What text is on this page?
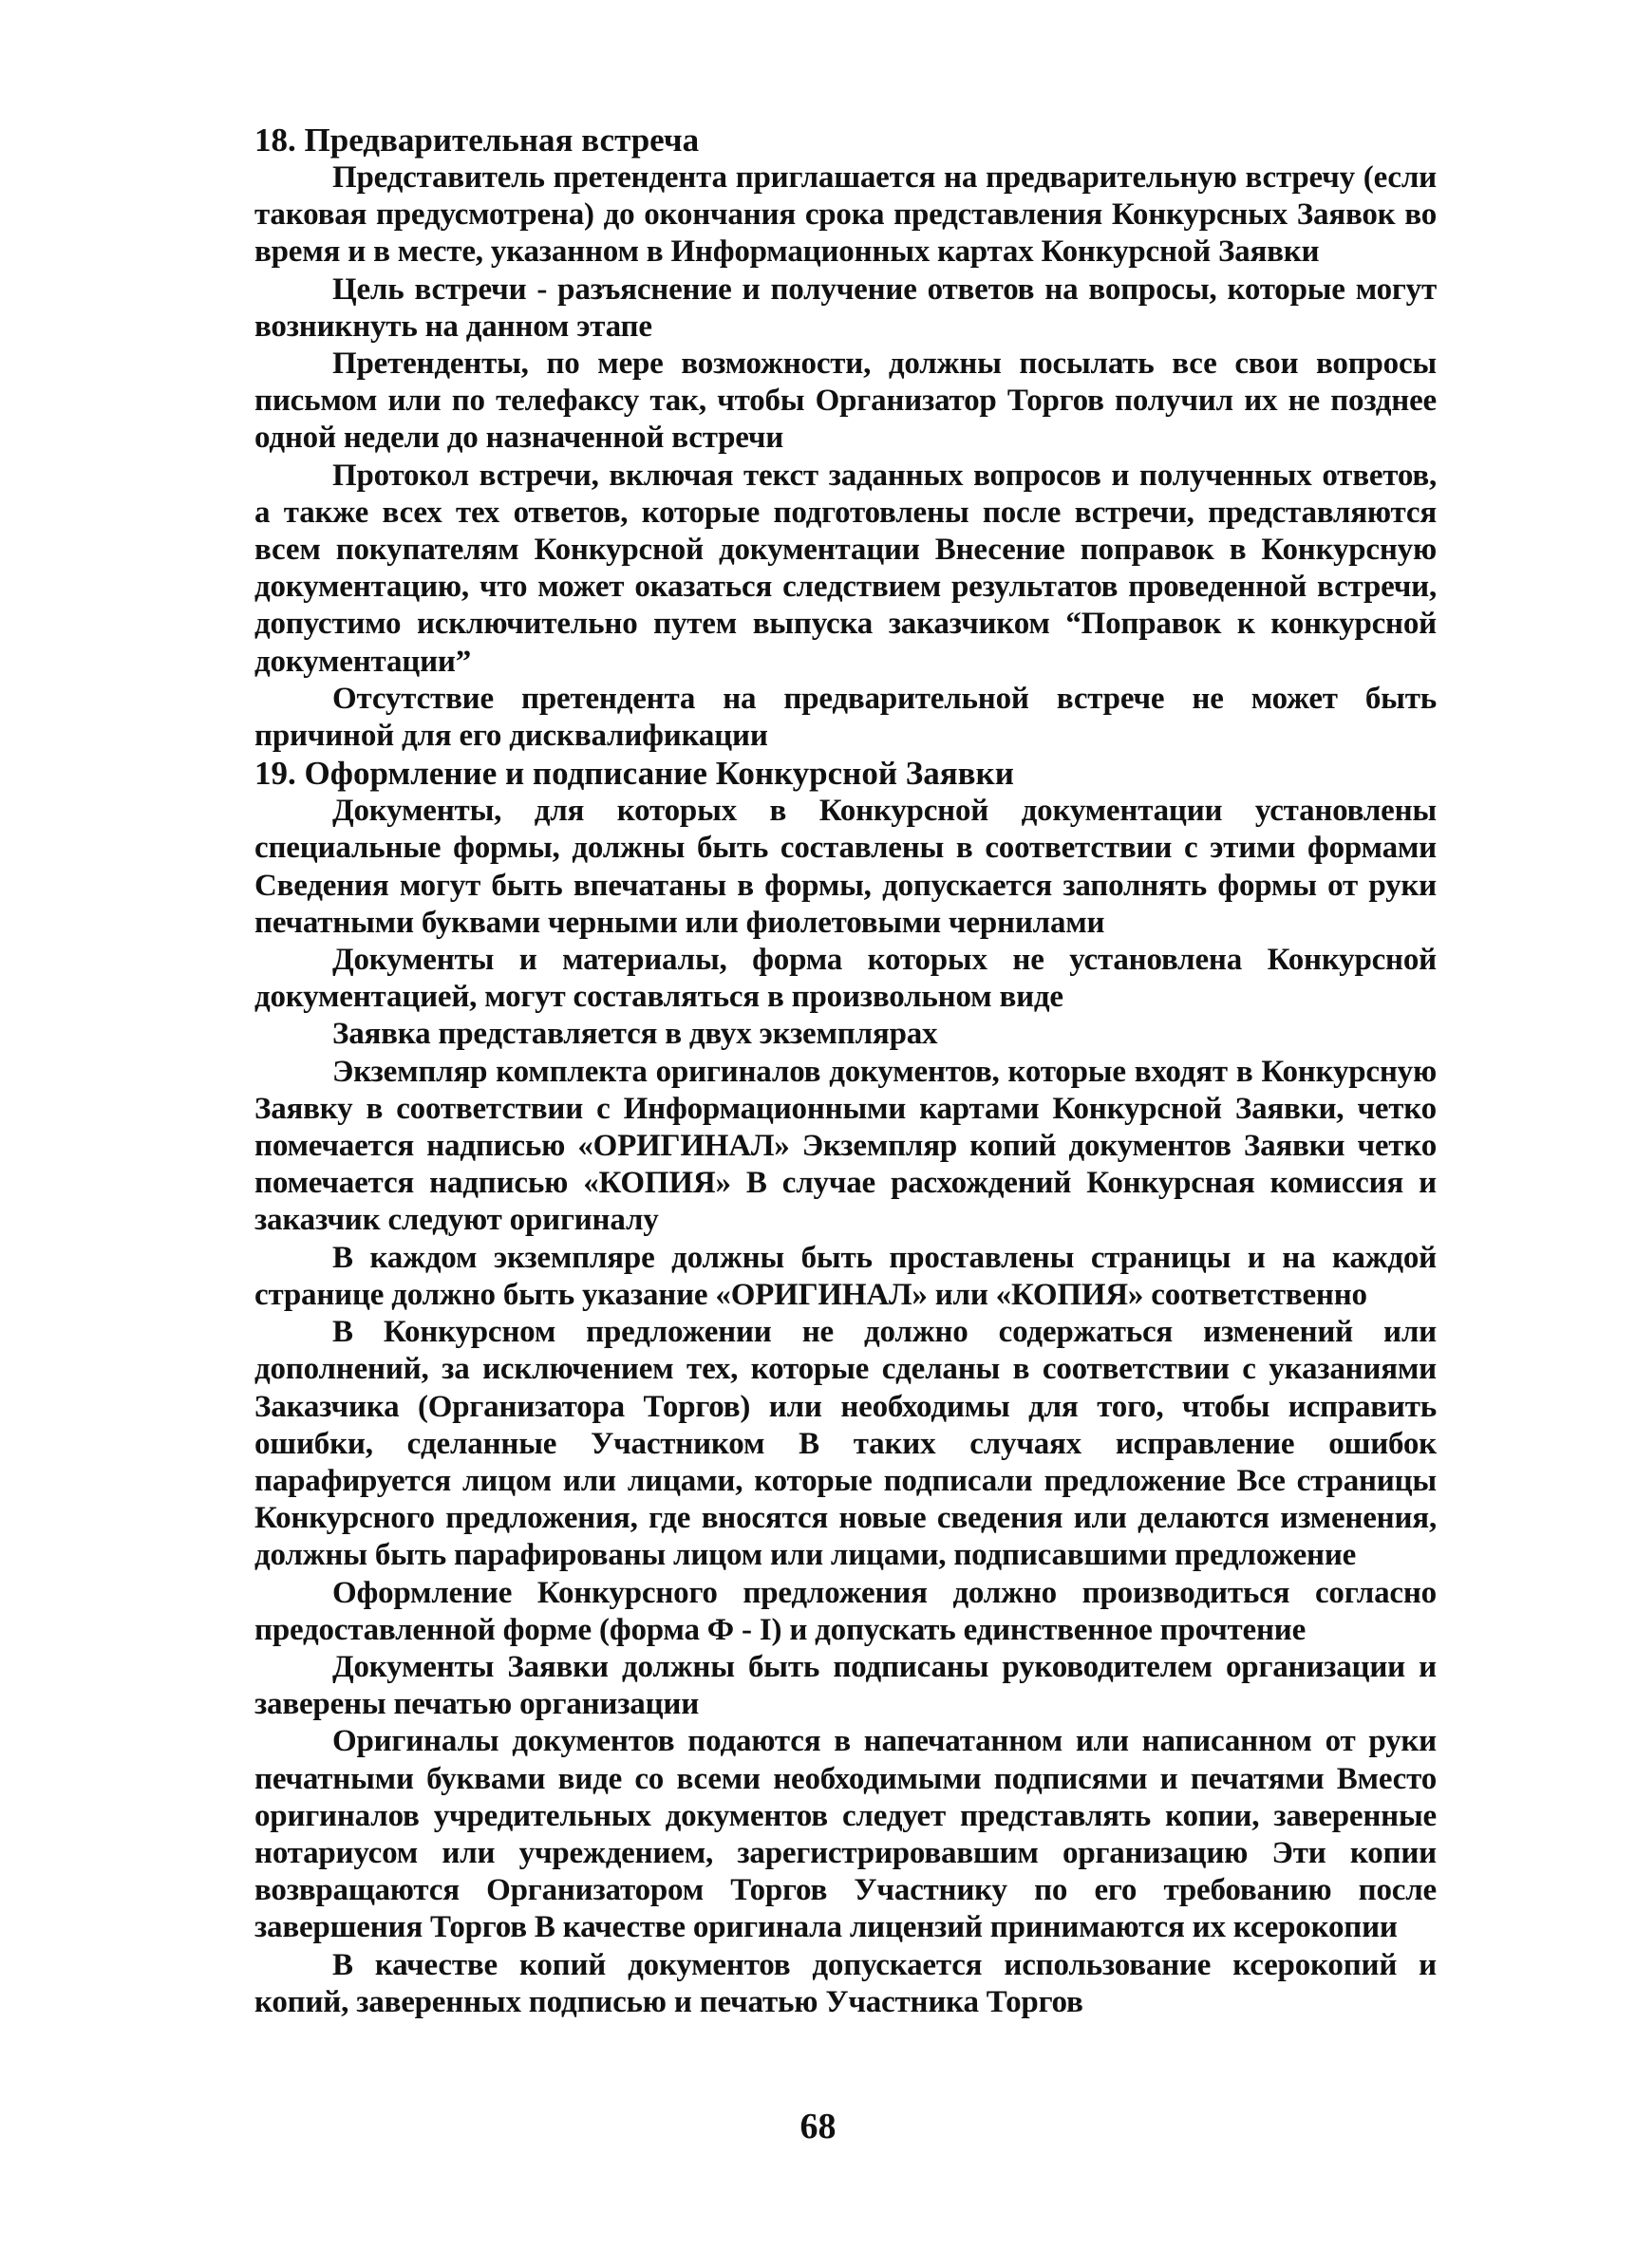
18. Предварительная встреча

Представитель претендента приглашается на предварительную встречу (если таковая предусмотрена) до окончания срока представления Конкурсных Заявок во время и в месте, указанном в Информационных картах Конкурсной Заявки

Цель встречи - разъяснение и получение ответов на вопросы, которые могут возникнуть на данном этапе

Претенденты, по мере возможности, должны посылать все свои вопросы письмом или по телефаксу так, чтобы Организатор Торгов получил их не позднее одной недели до назначенной встречи

Протокол встречи, включая текст заданных вопросов и полученных ответов, а также всех тех ответов, которые подготовлены после встречи, представляются всем покупателям Конкурсной документации Внесение поправок в Конкурсную документацию, что может оказаться следствием результатов проведенной встречи, допустимо исключительно путем выпуска заказчиком “Поправок к конкурсной документации”

Отсутствие претендента на предварительной встрече не может быть причиной для его дисквалификации

19. Оформление и подписание Конкурсной Заявки

Документы, для которых в Конкурсной документации установлены специальные формы, должны быть составлены в соответствии с этими формами Сведения могут быть впечатаны в формы, допускается заполнять формы от руки печатными буквами черными или фиолетовыми чернилами

Документы и материалы, форма которых не установлена Конкурсной документацией, могут составляться в произвольном виде

Заявка представляется в двух экземплярах

Экземпляр комплекта оригиналов документов, которые входят в Конкурсную Заявку в соответствии с Информационными картами Конкурсной Заявки, четко помечается надписью «ОРИГИНАЛ» Экземпляр копий документов Заявки четко помечается надписью «КОПИЯ» В случае расхождений Конкурсная комиссия и заказчик следуют оригиналу

В каждом экземпляре должны быть проставлены страницы и на каждой странице должно быть указание «ОРИГИНАЛ» или «КОПИЯ» соответственно

В Конкурсном предложении не должно содержаться изменений или дополнений, за исключением тех, которые сделаны в соответствии с указаниями Заказчика (Организатора Торгов) или необходимы для того, чтобы исправить ошибки, сделанные Участником В таких случаях исправление ошибок парафируется лицом или лицами, которые подписали предложение Все страницы Конкурсного предложения, где вносятся новые сведения или делаются изменения, должны быть парафированы лицом или лицами, подписавшими предложение

Оформление Конкурсного предложения должно производиться согласно предоставленной форме (форма Ф - I) и допускать единственное прочтение

Документы Заявки должны быть подписаны руководителем организации и заверены печатью организации

Оригиналы документов подаются в напечатанном или написанном от руки печатными буквами виде со всеми необходимыми подписями и печатями Вместо оригиналов учредительных документов следует представлять копии, заверенные нотариусом или учреждением, зарегистрировавшим организацию Эти копии возвращаются Организатором Торгов Участнику по его требованию после завершения Торгов В качестве оригинала лицензий принимаются их ксерокопии

В качестве копий документов допускается использование ксерокопий и копий, заверенных подписью и печатью Участника Торгов

68
